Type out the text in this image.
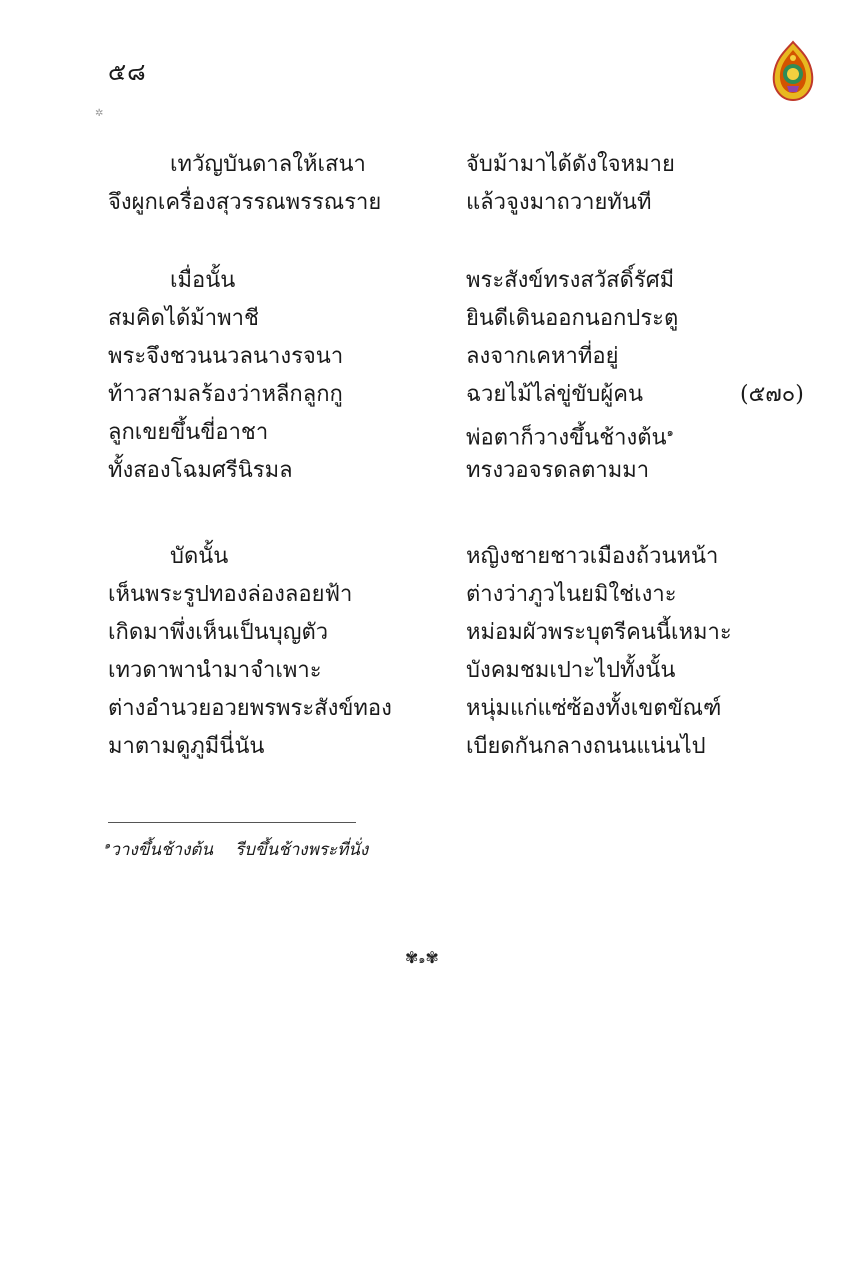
๕๘
✲
เทวัญบันดาลให้เสนา	จับม้ามาได้ดังใจหมาย
จึงผูกเครื่องสุวรรณพรรณราย	แล้วจูงมาถวายทันที
เมื่อนั้น	พระสังข์ทรงสวัสดิ์รัศมี
สมคิดได้ม้าพาชี	ยินดีเดินออกนอกประตู
พระจึงชวนนวลนางรจนา	ลงจากเคหาที่อยู่
ท้าวสามลร้องว่าหลีกลูกกู	ฉวยไม้ไล่ขู่ขับผู้คน	(๕๗๐)
ลูกเขยขึ้นขี่อาชา	พ่อตาก็วางขึ้นช้างต้น$^๑$
ทั้งสองโฉมศรีนิรมล	ทรงวอจรดลตามมา
บัดนั้น	หญิงชายชาวเมืองถ้วนหน้า
เห็นพระรูปทองล่องลอยฟ้า	ต่างว่าภูวไนยมิใช่เงาะ
เกิดมาพึ่งเห็นเป็นบุญตัว	หม่อมผัวพระบุตรีคนนี้เหมาะ
เทวดาพานำมาจำเพาะ	บังคมชมเปาะไปทั้งนั้น
ต่างอำนวยอวยพรพระสังข์ทอง	หนุ่มแก่แซ่ซ้องทั้งเขตขัณฑ์
มาตามดูภูมีนี่นัน	เบียดกันกลางถนนแน่นไป
$^๑$วางขึ้นช้างต้น รีบขึ้นช้างพระที่นั่ง
✾๑✾
